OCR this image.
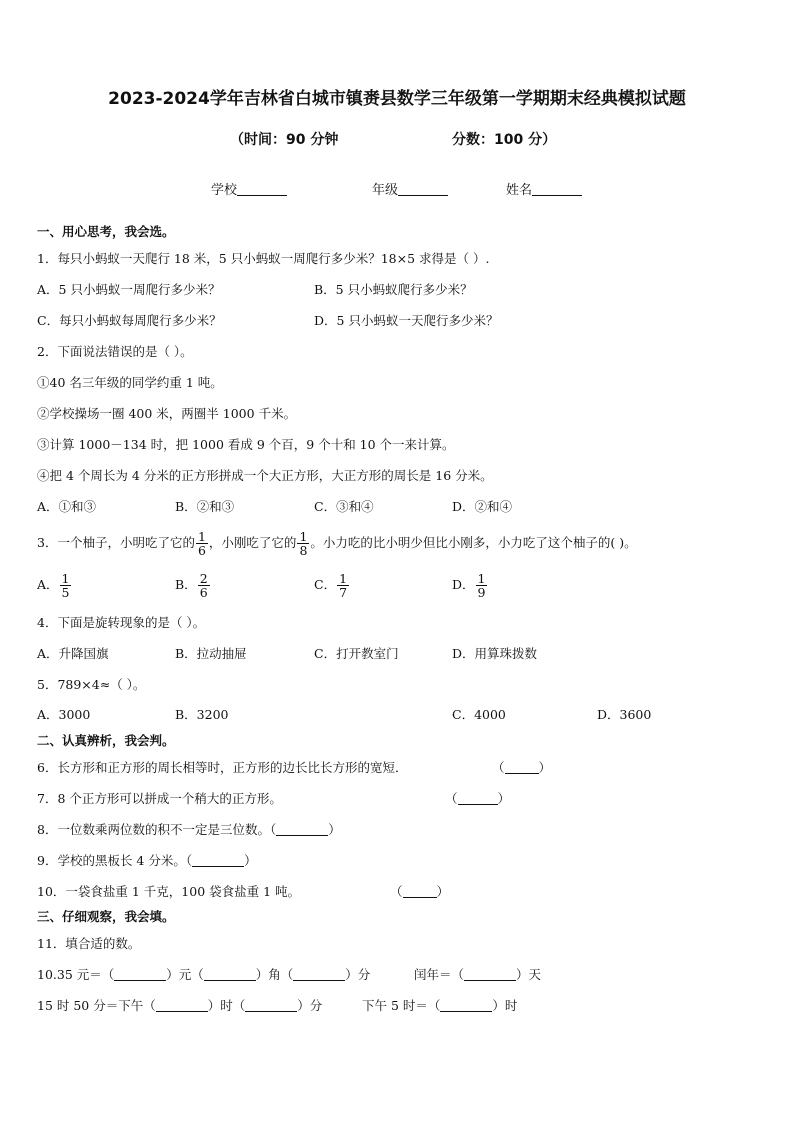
2023-2024学年吉林省白城市镇赉县数学三年级第一学期期末经典模拟试题
（时间：90 分钟	分数：100 分）
学校	年级	姓名
一、用心思考，我会选。
1．每只小蚂蚁一天爬行 18 米，5 只小蚂蚁一周爬行多少米？18×5 求得是（ ）.
A．5 只小蚂蚁一周爬行多少米？	B．5 只小蚂蚁爬行多少米？
C．每只小蚂蚁每周爬行多少米？	D．5 只小蚂蚁一天爬行多少米？
2．下面说法错误的是（ ）。
①40 名三年级的同学约重 1 吨。
②学校操场一圈 400 米，两圈半 1000 千米。
③计算 1000－134 时，把 1000 看成 9 个百，9 个十和 10 个一来计算。
④把 4 个周长为 4 分米的正方形拼成一个大正方形，大正方形的周长是 16 分米。
A．①和③	B．②和③	C．③和④	D．②和④
3．一个柚子，小明吃了它的 $\frac{1}{6}$ ，小刚吃了它的 $\frac{1}{8}$ 。小力吃的比小明少但比小刚多，小力吃了这个柚子的( )。
A． $\frac{1}{5}$	B． $\frac{2}{6}$	C． $\frac{1}{7}$	D． $\frac{1}{9}$
4．下面是旋转现象的是（ ）。
A．升降国旗	B．拉动抽屉	C．打开教室门	D．用算珠拨数
5．789×4≈（ ）。
A．3000	B．3200	C．4000	D．3600
二、认真辨析，我会判。
6．长方形和正方形的周长相等时，正方形的边长比长方形的宽短．	（	）
7．8 个正方形可以拼成一个稍大的正方形。	（	）
8．一位数乘两位数的积不一定是三位数。（	）
9．学校的黑板长 4 分米。（	）
10．一袋食盐重 1 千克，100 袋食盐重 1 吨。	（	）
三、仔细观察，我会填。
11．填合适的数。
10.35 元＝（	）元（	）角（	）分	闰年＝（	）天
15 时 50 分＝下午（	）时（	）分	下午 5 时＝（	）时
